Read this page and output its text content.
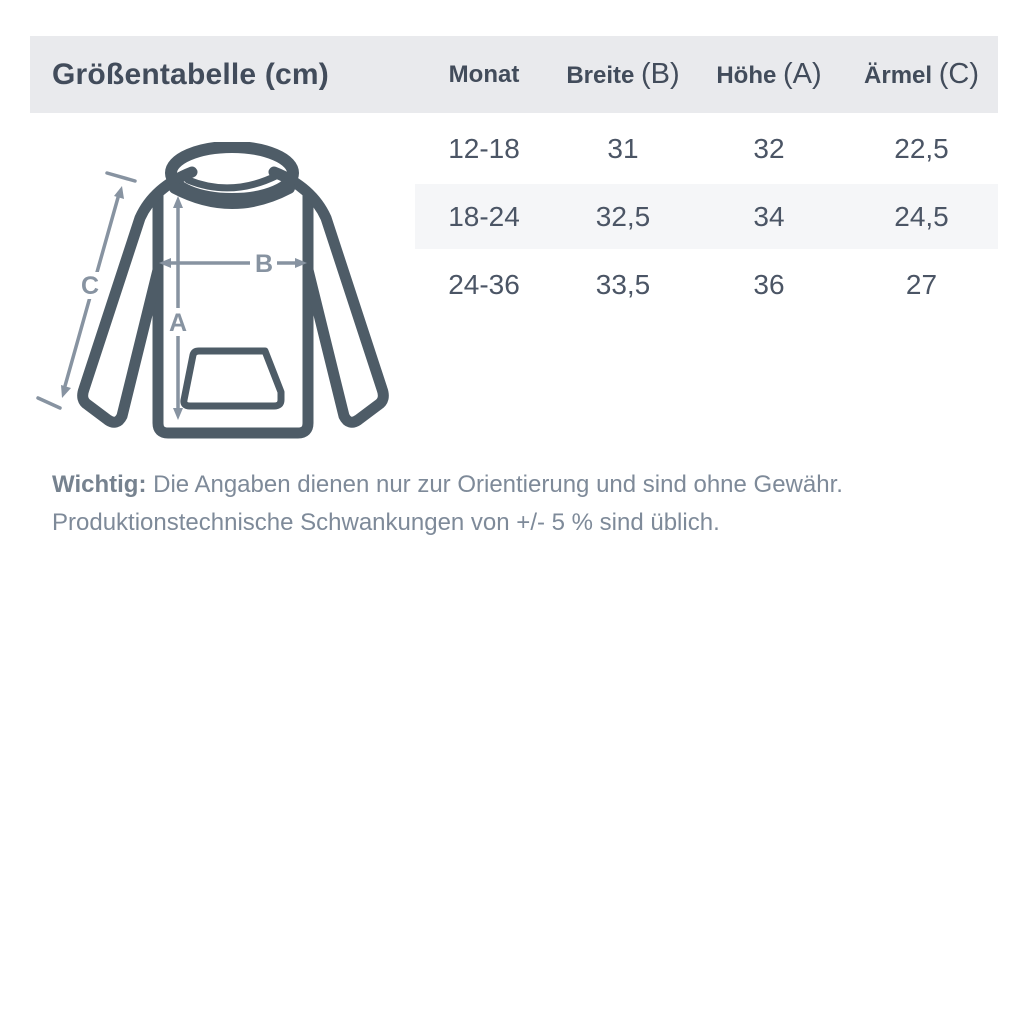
Größentabelle (cm)	Monat	Breite (B)	Höhe (A)	Ärmel (C)
12-18	31	32	22,5
18-24	32,5	34	24,5
24-36	33,5	36	27
A
B
C
Wichtig: Die Angaben dienen nur zur Orientierung und sind ohne Gewähr.
Produktionstechnische Schwankungen von +/- 5 % sind üblich.
